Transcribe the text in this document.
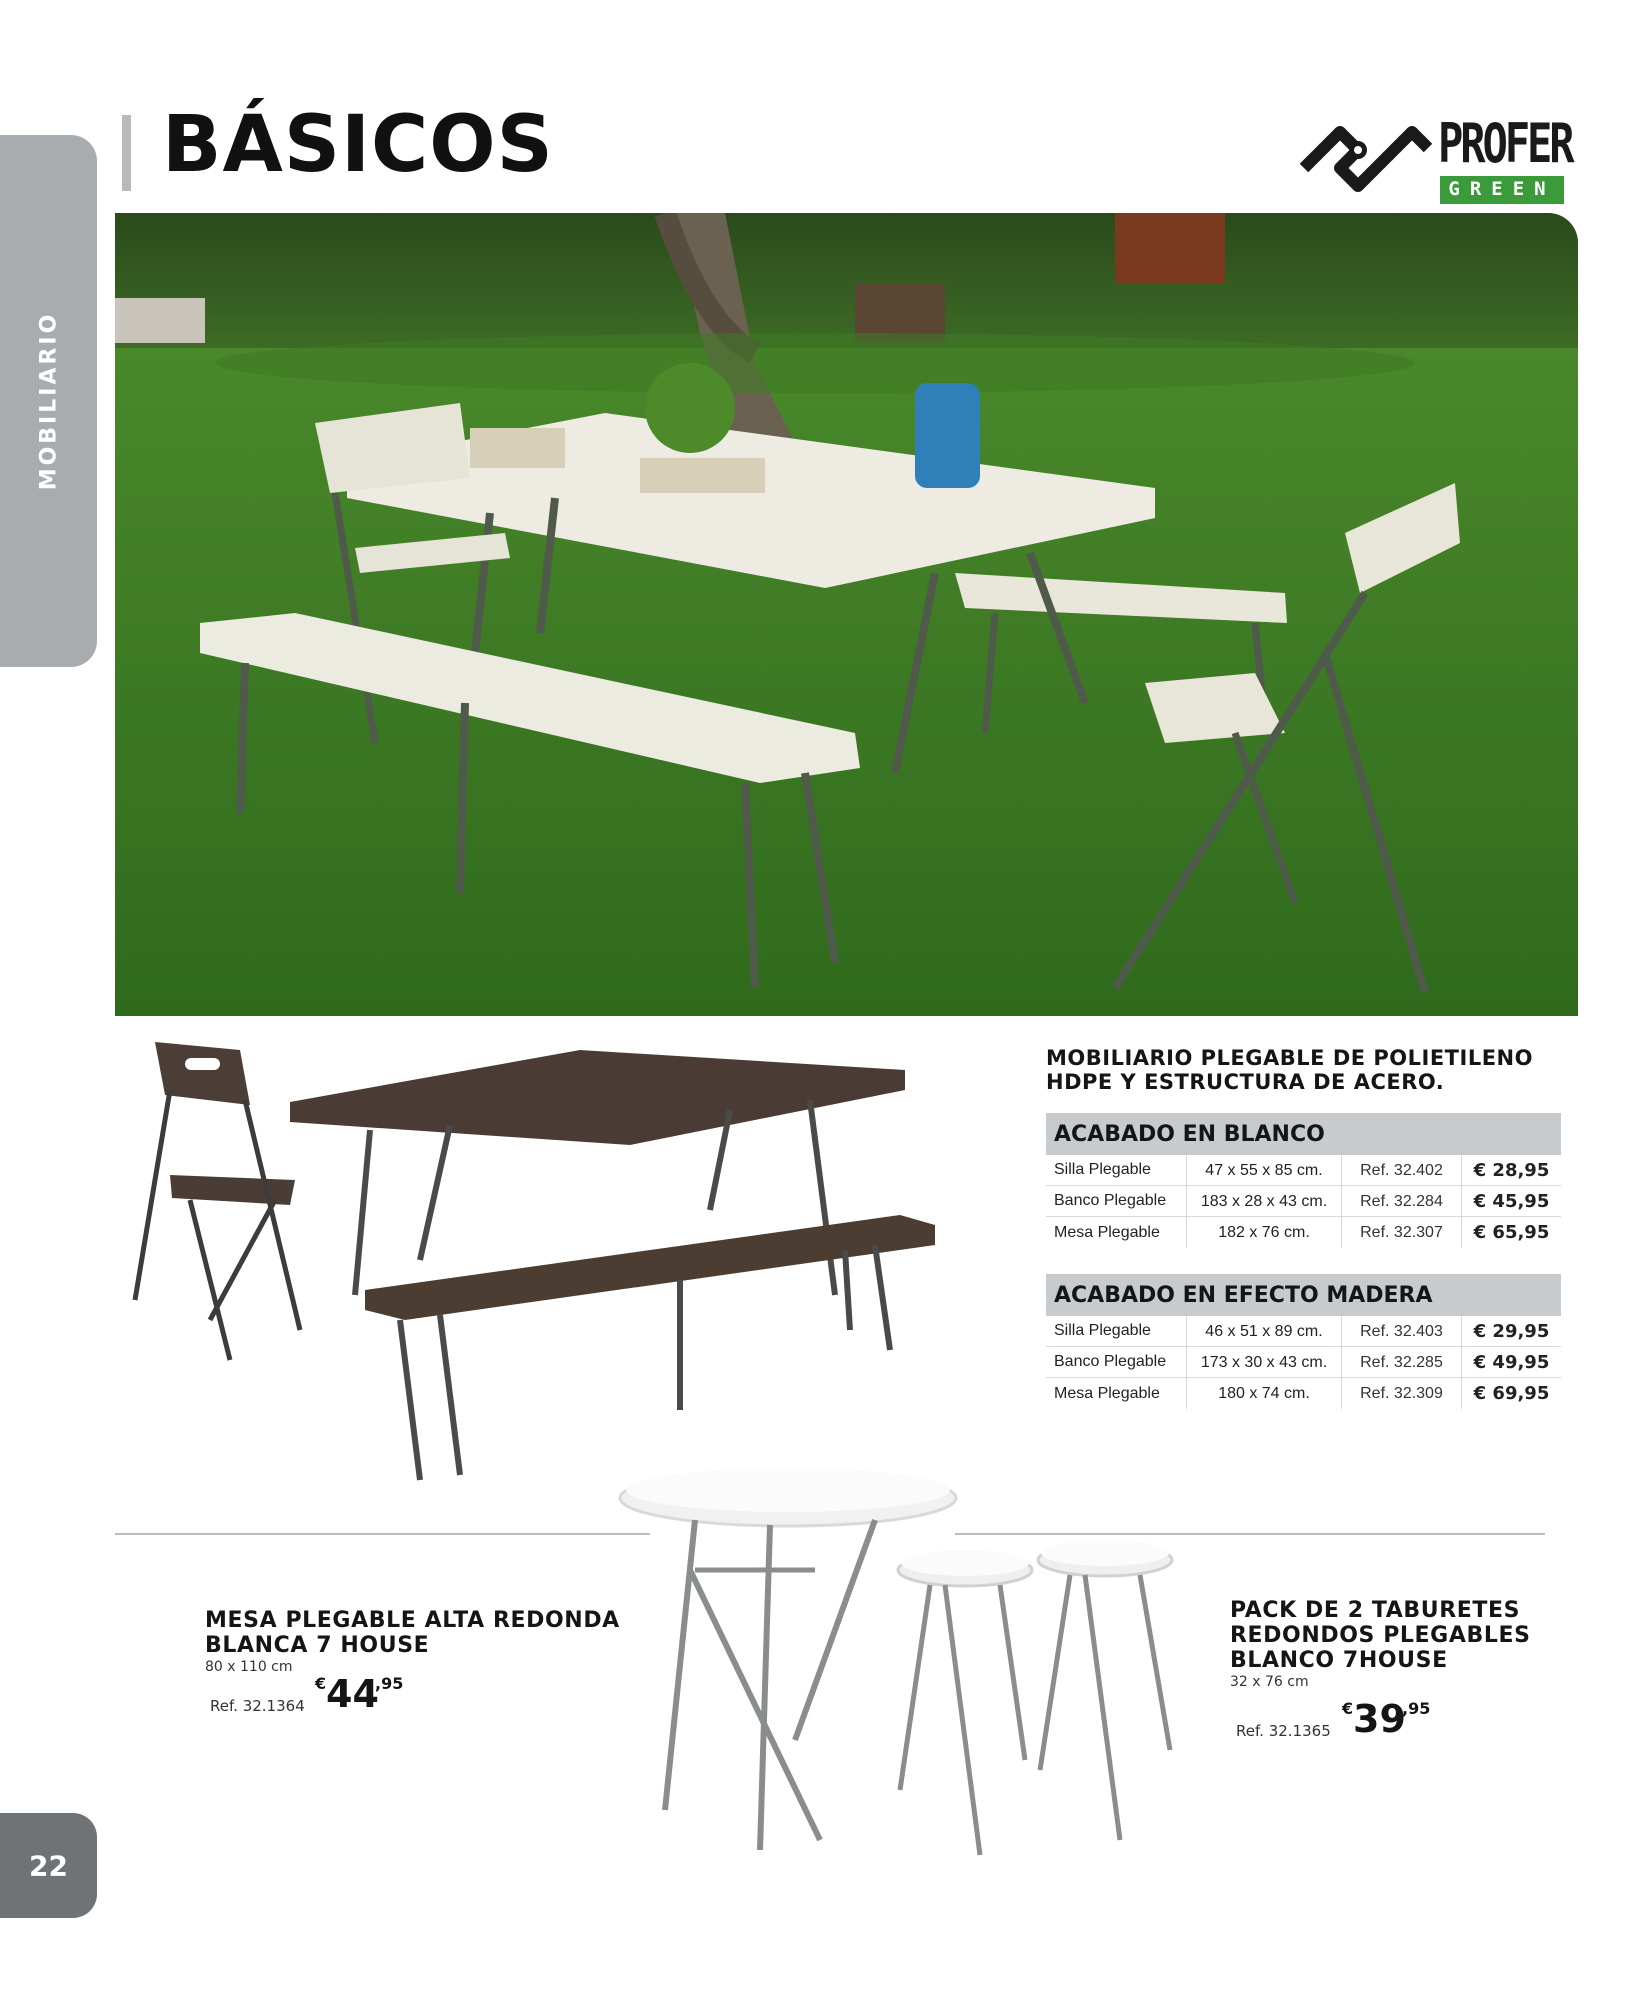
MOBILIARIO
22
BÁSICOS	PROFER
GREEN
MOBILIARIO PLEGABLE DE POLIETILENO HDPE Y ESTRUCTURA DE ACERO.
ACABADO EN BLANCO
Silla Plegable	47 x 55 x 85 cm.	Ref. 32.402	€ 28,95
Banco Plegable	183 x 28 x 43 cm.	Ref. 32.284	€ 45,95
Mesa Plegable	182 x 76 cm.	Ref. 32.307	€ 65,95
ACABADO EN EFECTO MADERA
Silla Plegable	46 x 51 x 89 cm.	Ref. 32.403	€ 29,95
Banco Plegable	173 x 30 x 43 cm.	Ref. 32.285	€ 49,95
Mesa Plegable	180 x 74 cm.	Ref. 32.309	€ 69,95
MESA PLEGABLE ALTA REDONDA
BLANCA 7 HOUSE
80 x 110 cm
Ref. 32.1364
€ 44
,95
PACK DE 2 TABURETES
REDONDOS PLEGABLES
BLANCO 7HOUSE
32 x 76 cm
Ref. 32.1365
€ 39
,95
